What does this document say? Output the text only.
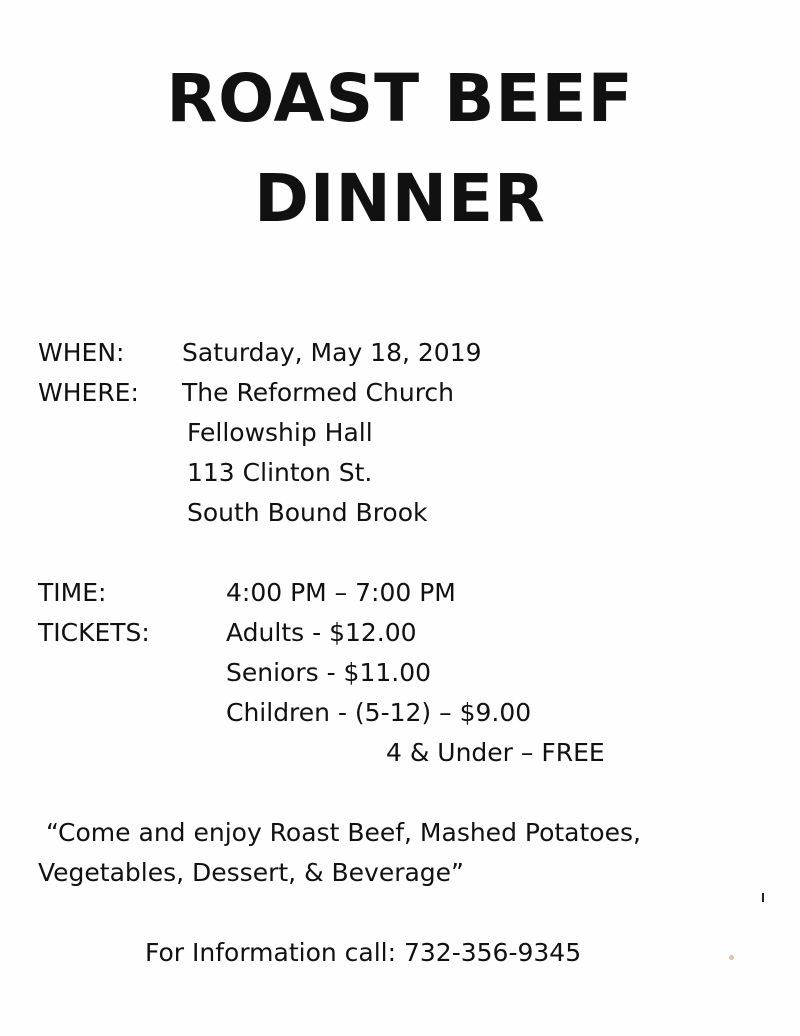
ROAST BEEF
DINNER
WHEN: Saturday, May 18, 2019
WHERE: The Reformed Church
Fellowship Hall
113 Clinton St.
South Bound Brook
TIME:	4:00 PM – 7:00 PM
TICKETS:	Adults - $12.00
Seniors - $11.00
Children - (5-12) – $9.00
4 & Under – FREE
“Come and enjoy Roast Beef, Mashed Potatoes,
Vegetables, Dessert, & Beverage”
For Information call: 732-356-9345
